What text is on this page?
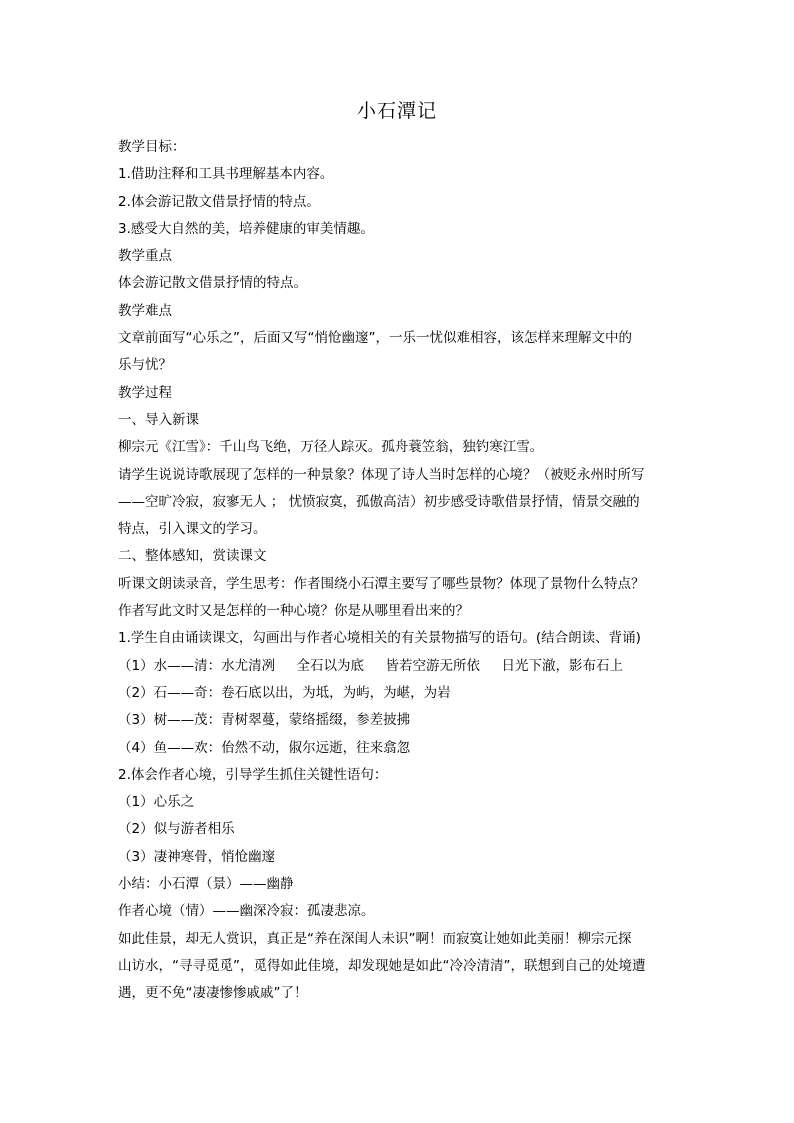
小石潭记
教学目标：
1.借助注释和工具书理解基本内容。
2.体会游记散文借景抒情的特点。
3.感受大自然的美，培养健康的审美情趣。
教学重点
体会游记散文借景抒情的特点。
教学难点
文章前面写“心乐之”，后面又写“悄怆幽邃”，一乐一忧似难相容，该怎样来理解文中的
乐与忧？
教学过程
一、导入新课
柳宗元《江雪》：千山鸟飞绝，万径人踪灭。孤舟蓑笠翁，独钓寒江雪。
请学生说说诗歌展现了怎样的一种景象？体现了诗人当时怎样的心境？（被贬永州时所写
——空旷冷寂，寂寥无人 ； 忧愤寂寞，孤傲高洁）初步感受诗歌借景抒情，情景交融的
特点，引入课文的学习。
二、整体感知，赏读课文
听课文朗读录音，学生思考：作者围绕小石潭主要写了哪些景物？体现了景物什么特点？
作者写此文时又是怎样的一种心境？你是从哪里看出来的？
1.学生自由诵读课文，勾画出与作者心境相关的有关景物描写的语句。(结合朗读、背诵)
（1）水——清：水尤清冽     全石以为底     皆若空游无所依     日光下澈，影布石上
（2）石——奇：卷石底以出，为坻，为屿，为嵁，为岩
（3）树——茂：青树翠蔓，蒙络摇缀，参差披拂
（4）鱼——欢：佁然不动，俶尔远逝，往来翕忽
2.体会作者心境，引导学生抓住关键性语句：
（1）心乐之
（2）似与游者相乐
（3）凄神寒骨，悄怆幽邃
小结：小石潭（景）——幽静
作者心境（情）——幽深冷寂：孤凄悲凉。
如此佳景，却无人赏识，真正是“养在深闺人未识”啊！而寂寞让她如此美丽！柳宗元探
山访水，“寻寻觅觅”，觅得如此佳境，却发现她是如此“冷冷清清”，联想到自己的处境遭
遇，更不免“凄凄惨惨戚戚”了！
